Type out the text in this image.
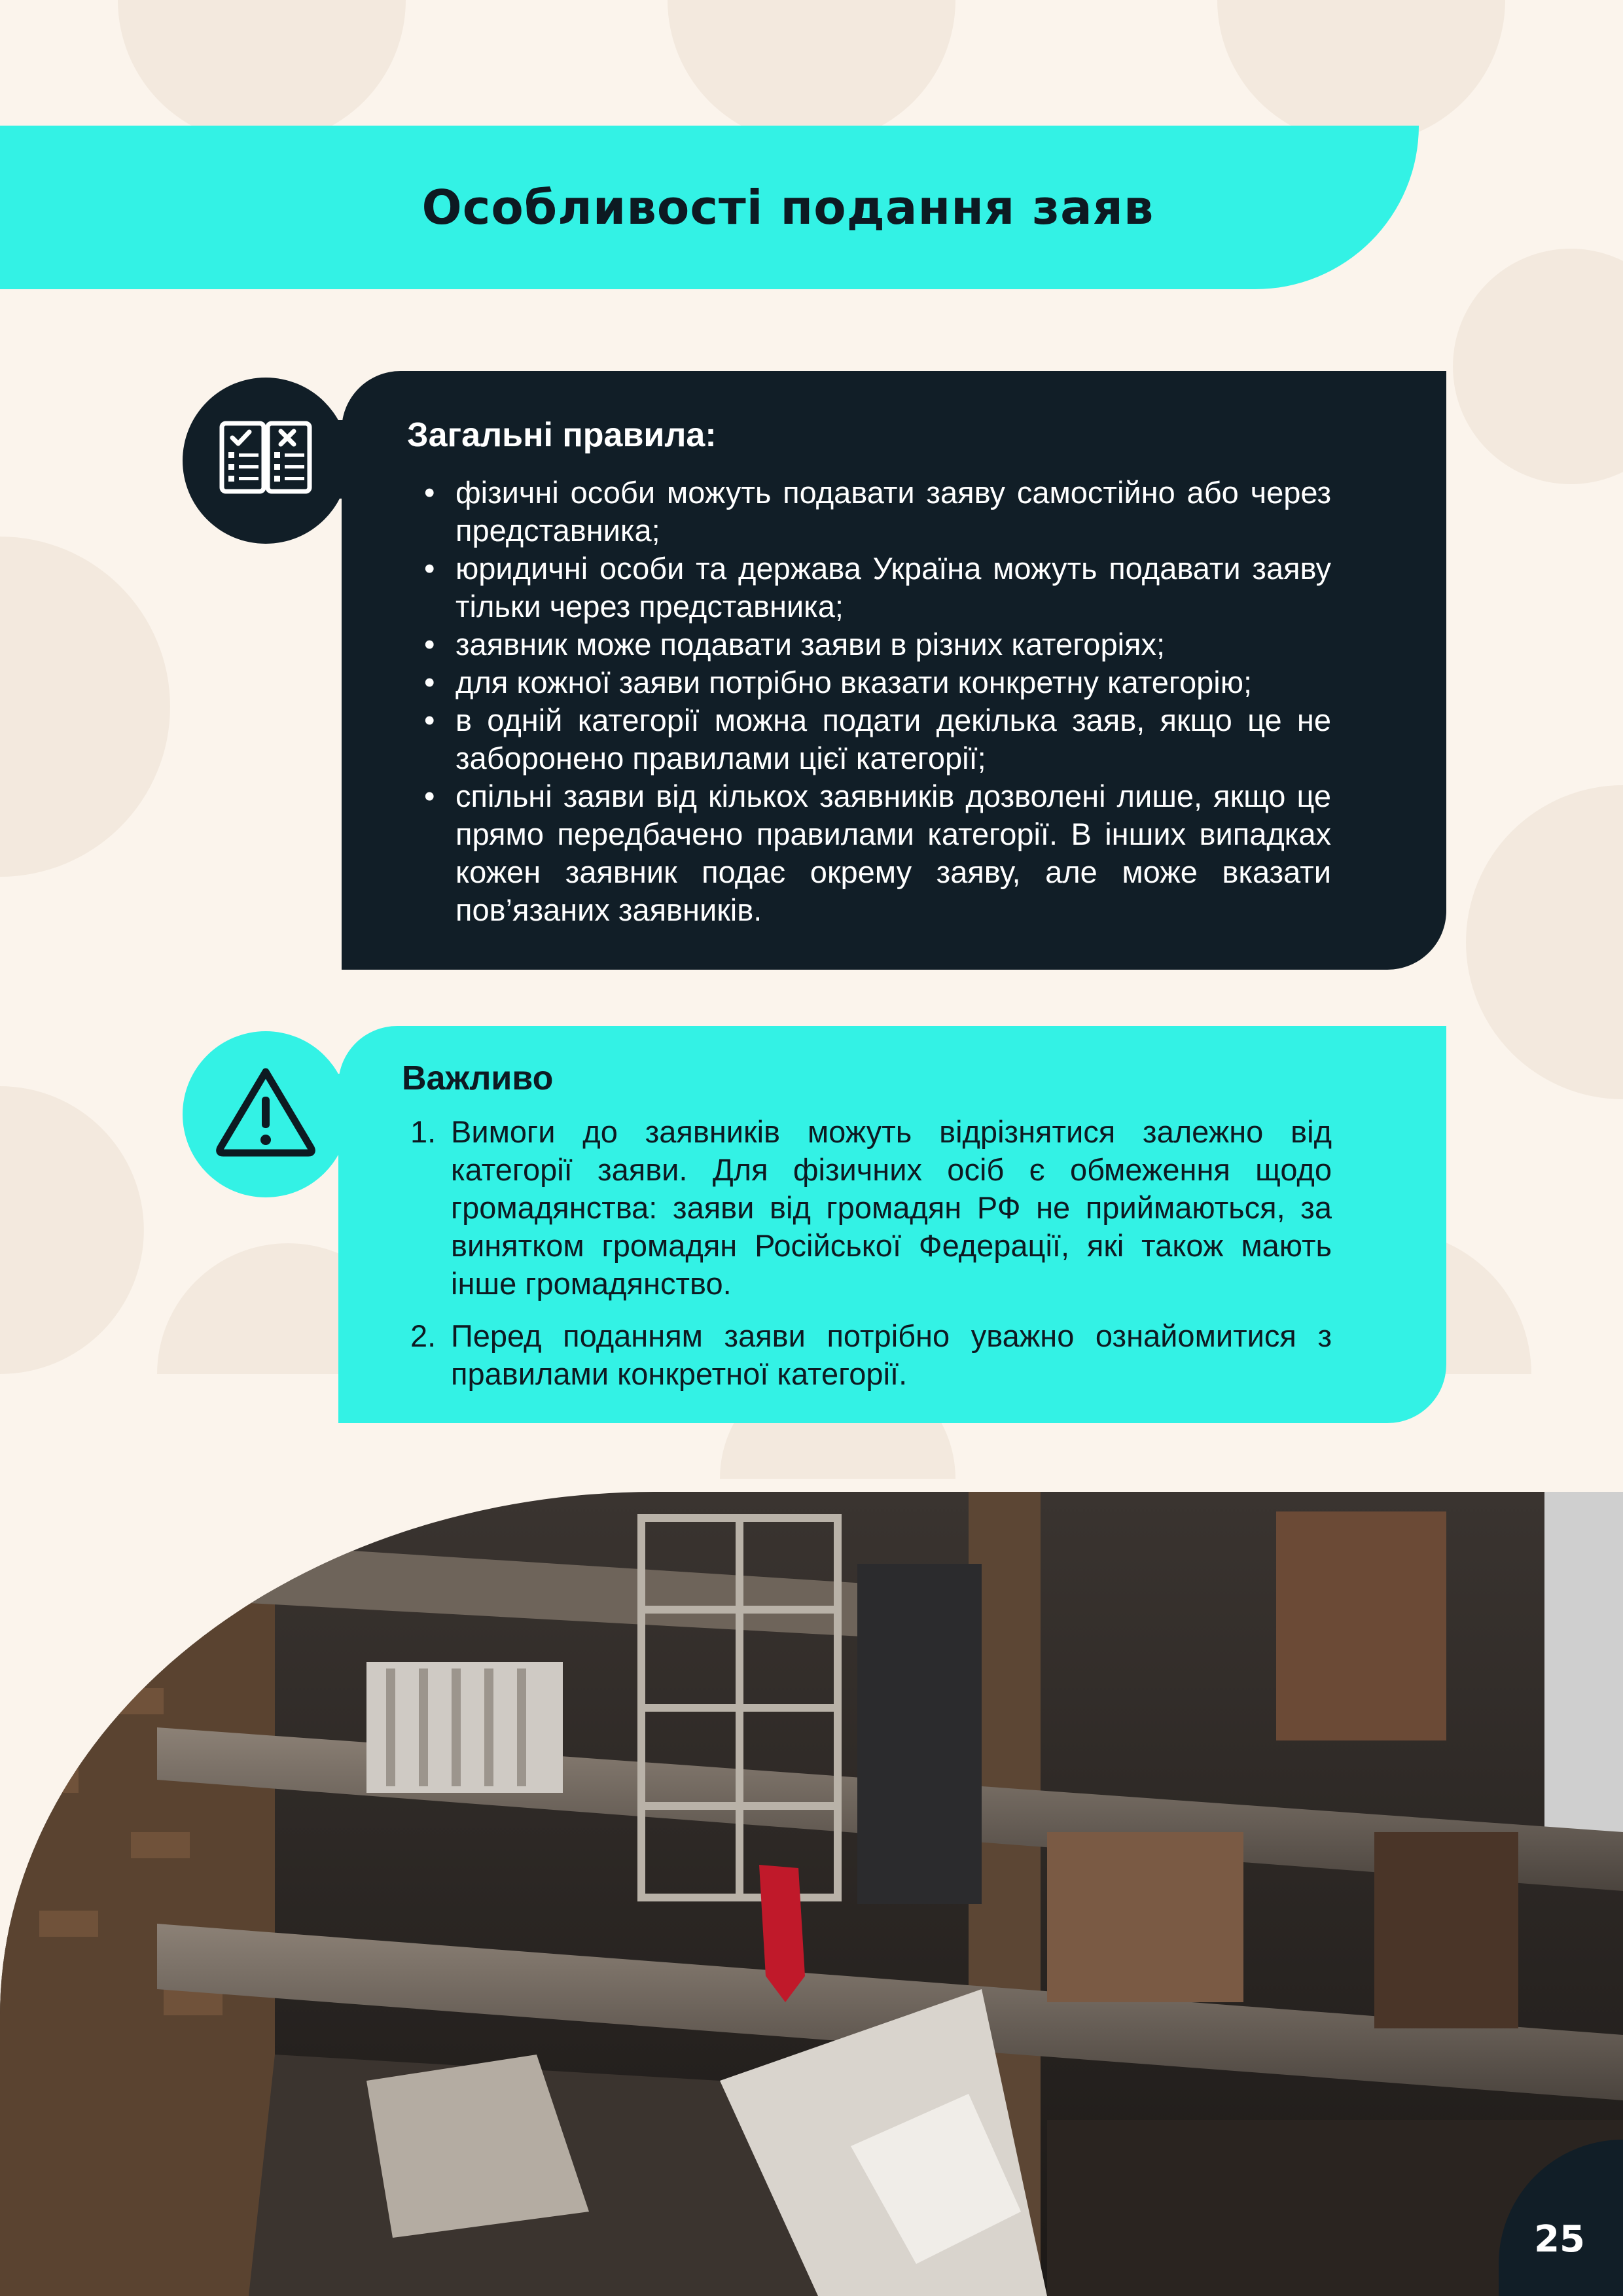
Особливості подання заяв
Загальні правила:
• фізичні особи можуть подавати заяву самостійно або через представника;
• юридичні особи та держава Україна можуть подавати заяву тільки через представника;
• заявник може подавати заяви в різних категоріях;
• для кожної заяви потрібно вказати конкретну категорію;
• в одній категорії можна подати декілька заяв, якщо це не заборонено правилами цієї категорії;
• спільні заяви від кількох заявників дозволені лише, якщо це прямо передбачено правилами категорії. В інших випадках кожен заявник подає окрему заяву, але може вказати пов’язаних заявників.
Важливо
1. Вимоги до заявників можуть відрізнятися залежно від категорії заяви. Для фізичних осіб є обмеження щодо громадянства: заяви від громадян РФ не приймаються, за винятком громадян Російської Федерації, які також мають інше громадянство.
2. Перед поданням заяви потрібно уважно ознайомитися з правилами конкретної категорії.

25
